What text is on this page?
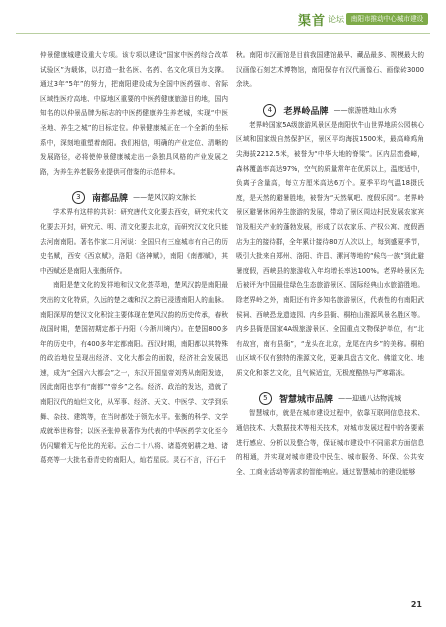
渠首 论坛	南阳市推动中心城市建设

仲景健康城建设重大专项。该专项以建设“国家中医药综合改革试验区”为载体，以打造一批名医、名药、名文化项目为支撑。通过3年“5年”的努力，把南阳建设成为全国中医药强市、省际区域性医疗高地、中原地区重要的中医药健康旅游目的地，国内知名的以仲景品牌为标志的中医药健康养生养老城，实现“中医圣地、养生之城”的目标定位。仲景健康城正在一个全新的坐标系中，深刻地重塑着南阳。我们相信，明确的产业定位、清晰的发展路径，必将使仲景健康城走出一条独具风格的产业发展之路，为养生养老服务业提供可借鉴的示范样本。

3 南都品牌 ——楚风汉韵文脉长

学术界有这样的共识：研究唐代文化要去西安，研究宋代文化要去开封，研究元、明、清文化要去北京，而研究汉文化只能去河南南阳。著名作家二月河说：全国只有三座城市有自己的历史名赋，西安《西京赋》，洛阳《洛神赋》，南阳《南都赋》，其中西赋还是南阳人张衡所作。

南阳是楚文化的发祥地和汉文化荟萃地，楚风汉韵是南阳最突出的文化特质，久远的楚之魂和汉之韵已浸透南阳人的血脉。南阳深厚的楚汉文化积淀主要体现在楚风汉韵的历史传承，春秋战国时期，楚国初期定都于丹阳（今淅川境内）。在楚国800多年的历史中，有400多年定都南阳。西汉时期，南阳都以其特殊的政治地位呈现出经济、文化大都会的面貌，经济社会发展迅速，成为“全国六大都会”之一，东汉开国皇帝刘秀从南阳发迹，因此南阳也享有“南都”“帝乡”之名。经济、政治的发达，造就了南阳汉代的灿烂文化，从军事、经济、天文、中医学、文学到乐舞、杂技、建筑等，在当时都处于领先水平。张衡的科学、文学成就举世称誉；以医圣张仲景著作为代表的中华医药学文化至今仍闪耀着无与伦比的光彩。云台二十八将、诸葛亮躬耕之地、诸葛亮等一大批名垂青史的南阳人，灿若星辰。灵石不言，汗石千

秋。南阳市汉画馆是目前我国建馆最早、藏品最多、规模最大的汉画像石刻艺术博物馆，南阳保存有汉代画像石、画像砖3000余块。

4 老界岭品牌 ——旅游胜地山水秀

老界岭国家5A级旅游风景区是南阳伏牛山世界地质公园核心区域和国家级自然保护区，景区平均海拔1500米，最高峰鸡角尖海拔2212.5米，被誉为“中华大地的脊梁”。区内层峦叠嶂，森林覆盖率高达97%，空气的质量常年在优质以上，温度适中，负离子含量高，每立方厘米高达6万个。夏季平均气温18摄氏度，是天然的避暑胜地，被誉为“天然氧吧、度假乐园”。老界岭景区避暑休闲养生旅游的发展，带动了景区周边村民发展农家宾馆及相关产业的蓬勃发展，形成了以农家乐、产权公寓、度假酒店为主的接待群，全年累计接待80万人次以上，每到盛夏季节，吸引大批来自郑州、洛阳、许昌、漯河等地的“候鸟一族”到此避暑度假，西峡县的旅游收入年均增长率达100%。老界岭景区先后被评为中国最佳绿色生态旅游景区、国际经典山水旅游胜地。除老界岭之外，南阳还有许多知名旅游景区，代表性的有南阳武侯祠、西峡恐龙遗迹园、内乡县衙、桐柏山淮源风景名胜区等。内乡县衙是国家4A级旅游景区、全国重点文物保护单位，有“北有故宫，南有县衙”，“龙头在北京，龙尾在内乡”的美称。桐柏山区域不仅有独特的淮源文化，更兼具盘古文化、佛道文化、地质文化和茶艺文化，且气候适宜，无极度酷热与严寒霜冻。

5 智慧城市品牌 ——迎通八达物流城

智慧城市，就是在城市建设过程中，依靠互联网信息技术、通信技术、大数据技术等相关技术，对城市发展过程中的各要素进行感应、分析以及整合等，保证城市建设中不同需求方面信息的相通，并实现对城市建设中民生、城市服务、环保、公共安全、工商业活动等需求的智能响应。通过智慧城市的建设能够

21
